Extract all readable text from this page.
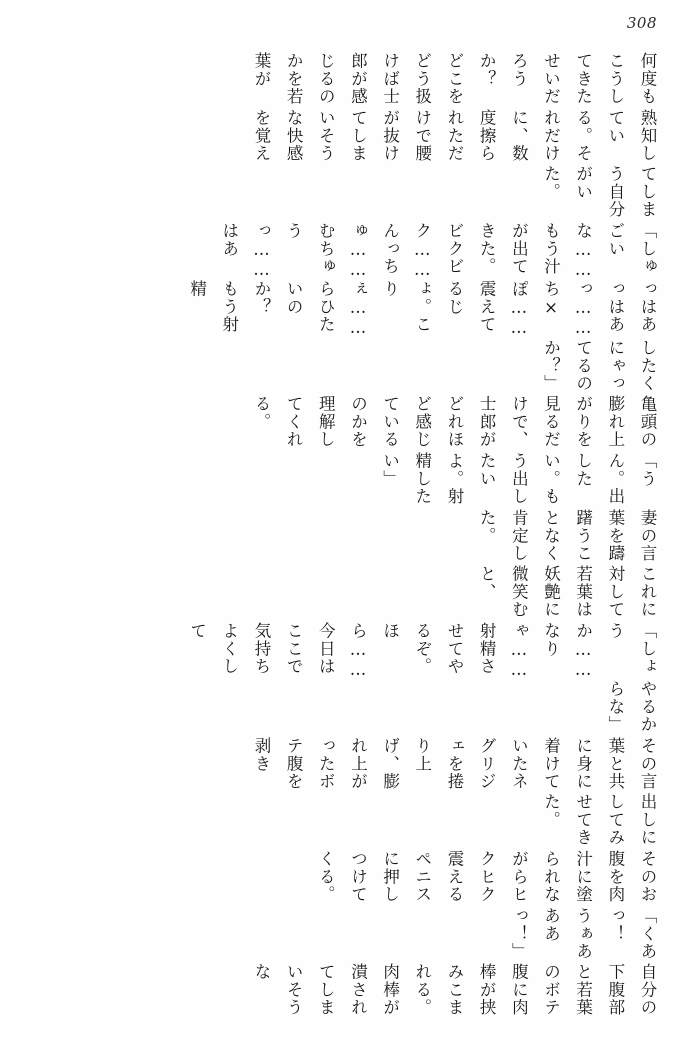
308
何度もこうしてきたせいだろうか？　どこをどう扱けば士郎が感じるのかを若葉が
熟知している。それだけに、数度擦られただけで腰が抜けてしまいそうな快感を覚え
てしまう自分がいた。
「しゅごいな……もう汁が出てきた。ビクビク……んっちゅ……むちゅうっ……はあ
っはあっはあっ……ち×ぽ……震えてるじょ。こりぇ……らひたいのか？　もう射精
したくにゃってるのか？」
亀頭の膨れ上がりを見るだけで、士郎がどれほど感じているのかを理解してくれる。
「うん。出したい。もう出したいよ。射精したい」
妻の言葉を躊躇うことなく肯定した。
これに対して若葉は妖艶に微笑むと、
「しょうか……なりゃ……射精させてやるぞ。ほら……今日はここで気持ちよくして
やるからな」
その言葉と共に身に着けていたネグリジェを捲り上げ、膨れ上がったボテ腹を剥き
出しにしてみせてきた。
そのお腹を肉汁に塗られながらヒクヒク震えるペニスに押しつけてくる。
「くあっ！　うぁあああっ！」
自分の下腹部と若葉のボテ腹に肉棒が挟みこまれる。　肉棒が潰されてしまいそうな
